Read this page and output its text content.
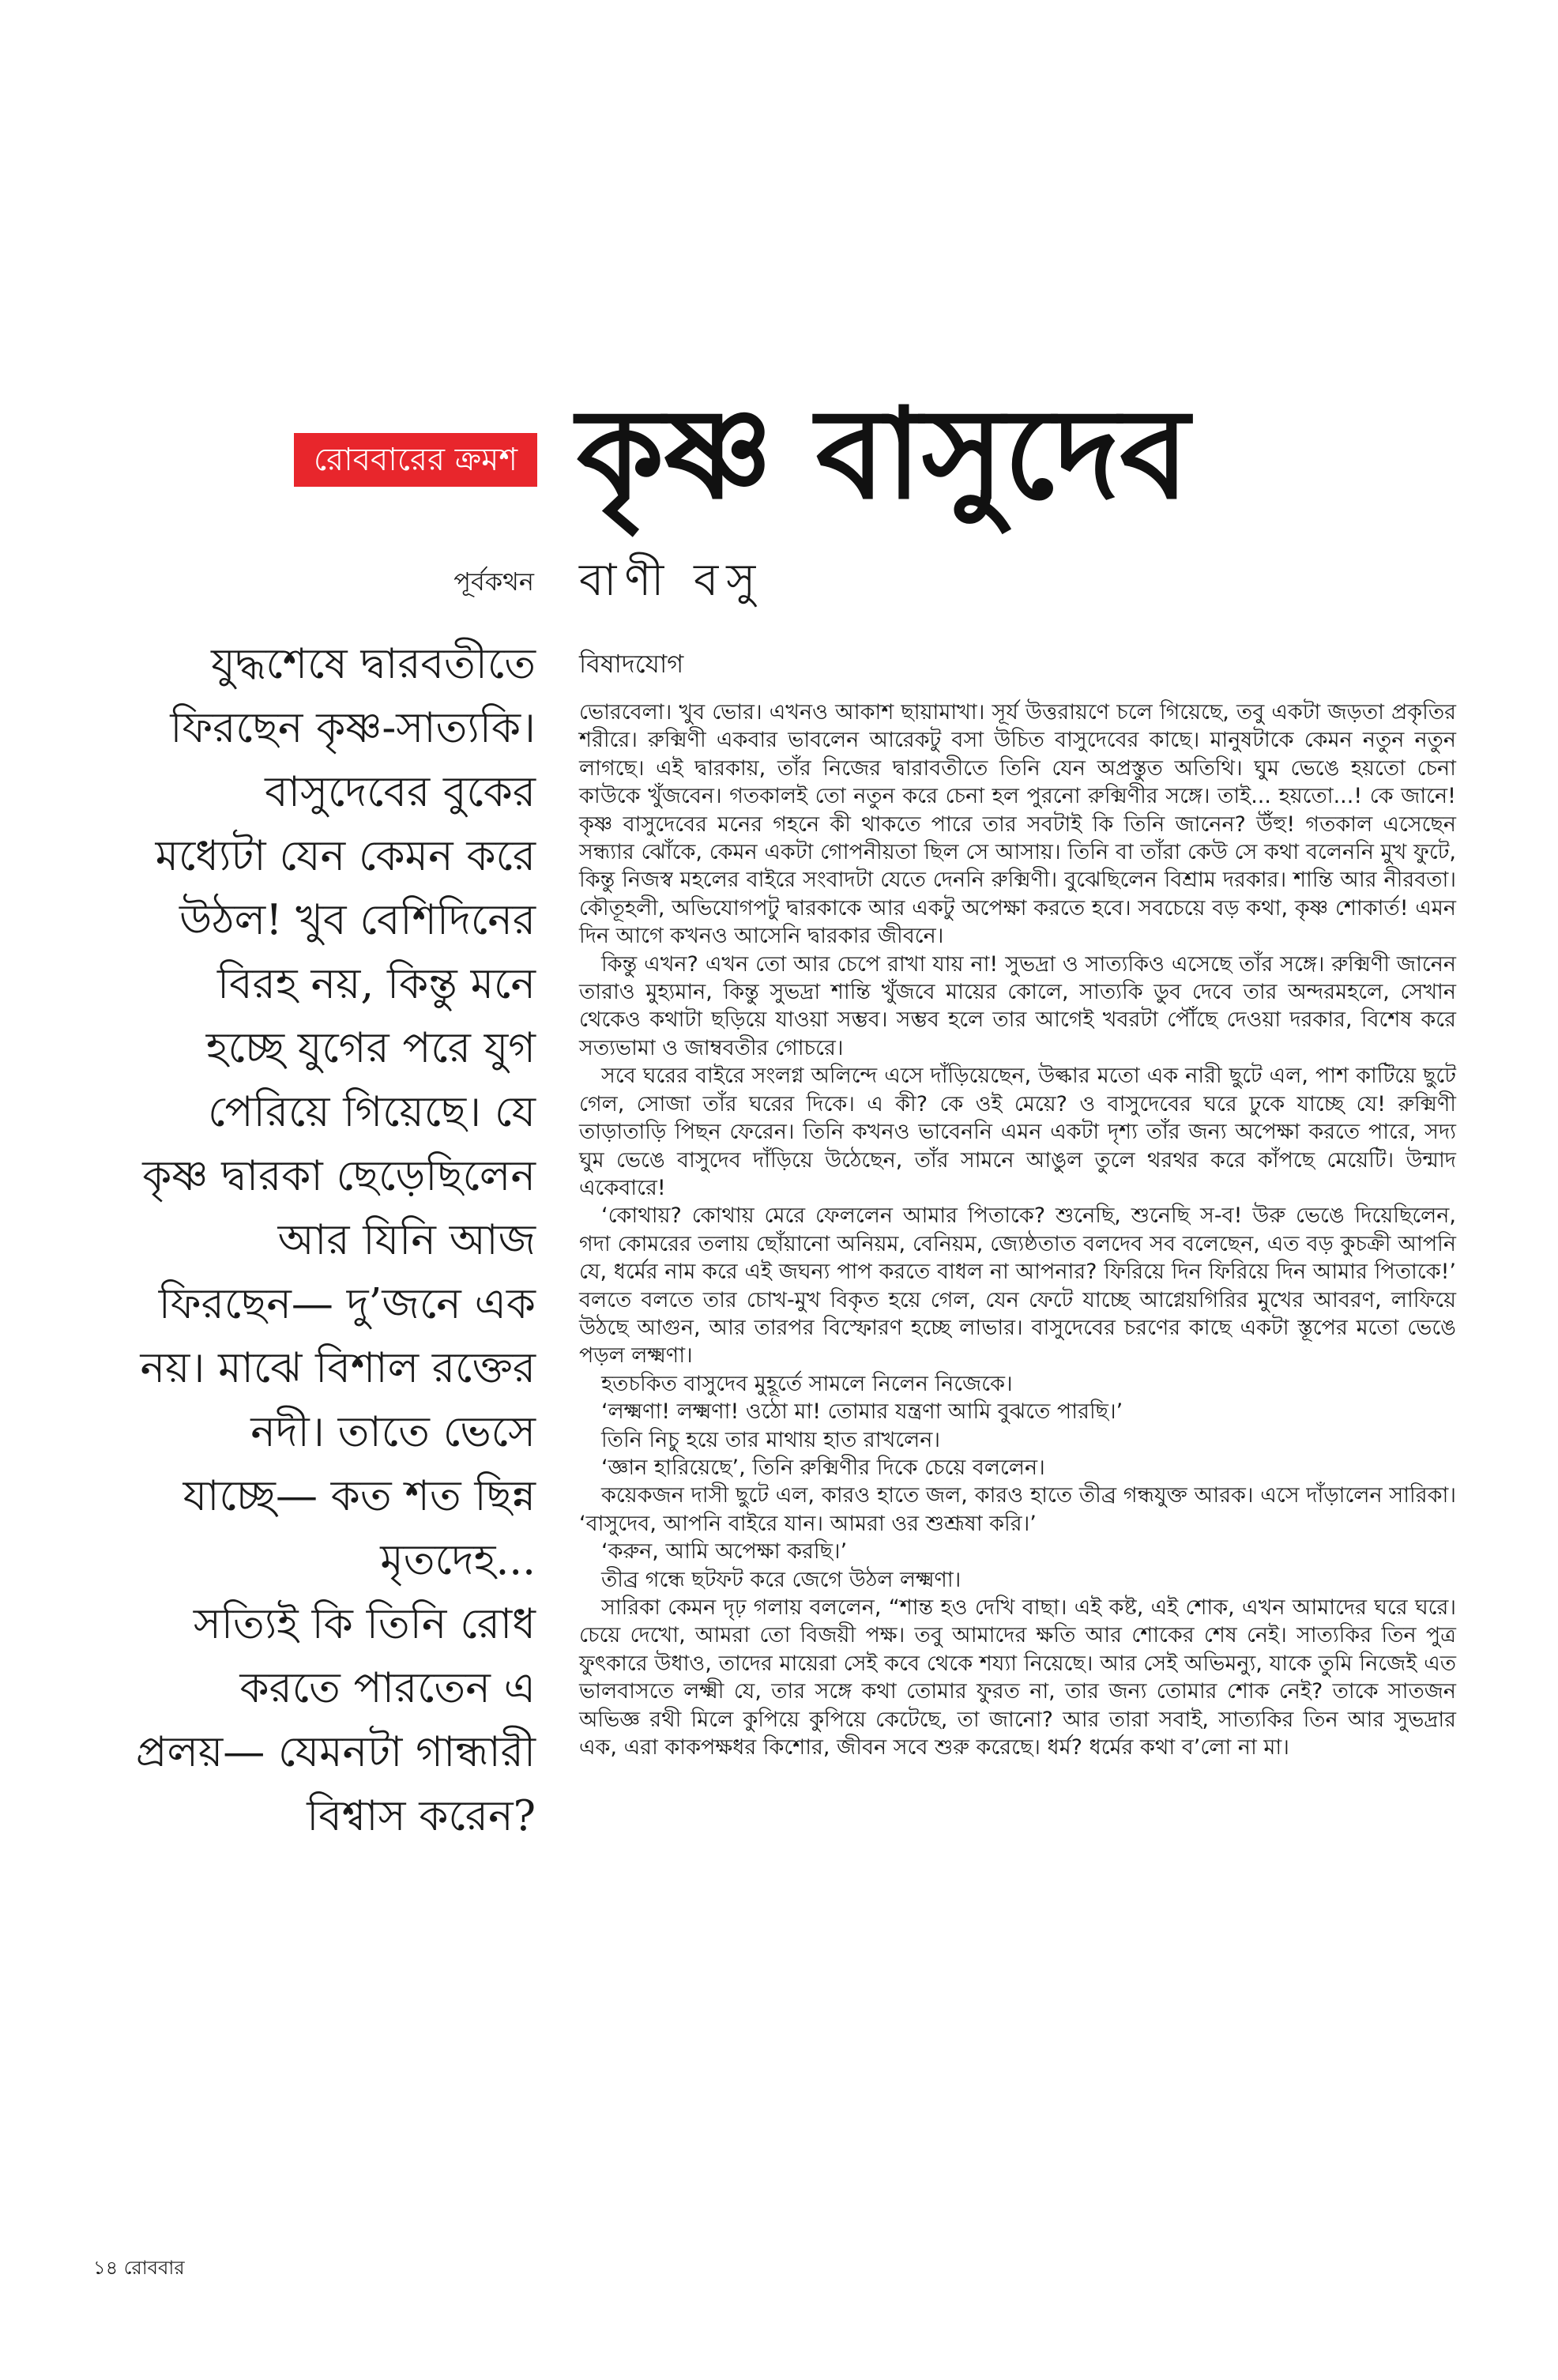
রোববারের ক্রমশ কৃষ্ণ বাসুদেব
পূর্বকথন বাণী বসু
বিষাদযোগ
যুদ্ধশেষে দ্বারবতীতে
ফিরছেন কৃষ্ণ-সাত্যকি।
বাসুদেবের বুকের
মধ্যেটা যেন কেমন করে
উঠল! খুব বেশিদিনের
বিরহ নয়, কিন্তু মনে
হচ্ছে যুগের পরে যুগ
পেরিয়ে গিয়েছে। যে
কৃষ্ণ দ্বারকা ছেড়েছিলেন
আর যিনি আজ
ফিরছেন— দু’জনে এক
নয়। মাঝে বিশাল রক্তের
নদী। তাতে ভেসে
যাচ্ছে— কত শত ছিন্ন
মৃতদেহ...
সত্যিই কি তিনি রোধ
করতে পারতেন এ
প্রলয়— যেমনটা গান্ধারী
বিশ্বাস করেন?

ভোরবেলা। খুব ভোর। এখনও আকাশ ছায়ামাখা। সূর্য উত্তরায়ণে চলে গিয়েছে, তবু একটা জড়তা প্রকৃতির শরীরে। রুক্মিণী একবার ভাবলেন আরেকটু বসা উচিত বাসুদেবের কাছে। মানুষটাকে কেমন নতুন নতুন লাগছে। এই দ্বারকায়, তাঁর নিজের দ্বারাবতীতে তিনি যেন অপ্রস্তুত অতিথি। ঘুম ভেঙে হয়তো চেনা কাউকে খুঁজবেন। গতকালই তো নতুন করে চেনা হল পুরনো রুক্মিণীর সঙ্গে। তাই... হয়তো...! কে জানে! কৃষ্ণ বাসুদেবের মনের গহনে কী থাকতে পারে তার সবটাই কি তিনি জানেন? উঁহু! গতকাল এসেছেন সন্ধ্যার ঝোঁকে, কেমন একটা গোপনীয়তা ছিল সে আসায়। তিনি বা তাঁরা কেউ সে কথা বলেননি মুখ ফুটে, কিন্তু নিজস্ব মহলের বাইরে সংবাদটা যেতে দেননি রুক্মিণী। বুঝেছিলেন বিশ্রাম দরকার। শান্তি আর নীরবতা। কৌতূহলী, অভিযোগপটু দ্বারকাকে আর একটু অপেক্ষা করতে হবে। সবচেয়ে বড় কথা, কৃষ্ণ শোকার্ত! এমন দিন আগে কখনও আসেনি দ্বারকার জীবনে।

কিন্তু এখন? এখন তো আর চেপে রাখা যায় না! সুভদ্রা ও সাত্যকিও এসেছে তাঁর সঙ্গে। রুক্মিণী জানেন তারাও মুহ্যমান, কিন্তু সুভদ্রা শান্তি খুঁজবে মায়ের কোলে, সাত্যকি ডুব দেবে তার অন্দরমহলে, সেখান থেকেও কথাটা ছড়িয়ে যাওয়া সম্ভব। সম্ভব হলে তার আগেই খবরটা পৌঁছে দেওয়া দরকার, বিশেষ করে সত্যভামা ও জাম্ববতীর গোচরে।

সবে ঘরের বাইরে সংলগ্ন অলিন্দে এসে দাঁড়িয়েছেন, উল্কার মতো এক নারী ছুটে এল, পাশ কাটিয়ে ছুটে গেল, সোজা তাঁর ঘরের দিকে। এ কী? কে ওই মেয়ে? ও বাসুদেবের ঘরে ঢুকে যাচ্ছে যে! রুক্মিণী তাড়াতাড়ি পিছন ফেরেন। তিনি কখনও ভাবেননি এমন একটা দৃশ্য তাঁর জন্য অপেক্ষা করতে পারে, সদ্য ঘুম ভেঙে বাসুদেব দাঁড়িয়ে উঠেছেন, তাঁর সামনে আঙুল তুলে থরথর করে কাঁপছে মেয়েটি। উন্মাদ একেবারে!

‘কোথায়? কোথায় মেরে ফেললেন আমার পিতাকে? শুনেছি, শুনেছি স-ব! উরু ভেঙে দিয়েছিলেন, গদা কোমরের তলায় ছোঁয়ানো অনিয়ম, বেনিয়ম, জ্যেষ্ঠতাত বলদেব সব বলেছেন, এত বড় কুচক্রী আপনি যে, ধর্মের নাম করে এই জঘন্য পাপ করতে বাধল না আপনার? ফিরিয়ে দিন ফিরিয়ে দিন আমার পিতাকে!’ বলতে বলতে তার চোখ-মুখ বিকৃত হয়ে গেল, যেন ফেটে যাচ্ছে আগ্নেয়গিরির মুখের আবরণ, লাফিয়ে উঠছে আগুন, আর তারপর বিস্ফোরণ হচ্ছে লাভার। বাসুদেবের চরণের কাছে একটা স্তূপের মতো ভেঙে পড়ল লক্ষ্মণা।

হতচকিত বাসুদেব মুহূর্তে সামলে নিলেন নিজেকে।

‘লক্ষ্মণা! লক্ষ্মণা! ওঠো মা! তোমার যন্ত্রণা আমি বুঝতে পারছি।’

তিনি নিচু হয়ে তার মাথায় হাত রাখলেন।

‘জ্ঞান হারিয়েছে’, তিনি রুক্মিণীর দিকে চেয়ে বললেন।

কয়েকজন দাসী ছুটে এল, কারও হাতে জল, কারও হাতে তীব্র গন্ধযুক্ত আরক। এসে দাঁড়ালেন সারিকা। ‘বাসুদেব, আপনি বাইরে যান। আমরা ওর শুশ্রূষা করি।’

‘করুন, আমি অপেক্ষা করছি।’

তীব্র গন্ধে ছটফট করে জেগে উঠল লক্ষ্মণা।

সারিকা কেমন দৃঢ় গলায় বললেন, “শান্ত হও দেখি বাছা। এই কষ্ট, এই শোক, এখন আমাদের ঘরে ঘরে। চেয়ে দেখো, আমরা তো বিজয়ী পক্ষ। তবু আমাদের ক্ষতি আর শোকের শেষ নেই। সাত্যকির তিন পুত্র ফুৎকারে উধাও, তাদের মায়েরা সেই কবে থেকে শয্যা নিয়েছে। আর সেই অভিমন্যু, যাকে তুমি নিজেই এত ভালবাসতে লক্ষ্মী যে, তার সঙ্গে কথা তোমার ফুরত না, তার জন্য তোমার শোক নেই? তাকে সাতজন অভিজ্ঞ রথী মিলে কুপিয়ে কুপিয়ে কেটেছে, তা জানো? আর তারা সবাই, সাত্যকির তিন আর সুভদ্রার এক, এরা কাকপক্ষধর কিশোর, জীবন সবে শুরু করেছে। ধর্ম? ধর্মের কথা ব’লো না মা।

১৪ রোববার
